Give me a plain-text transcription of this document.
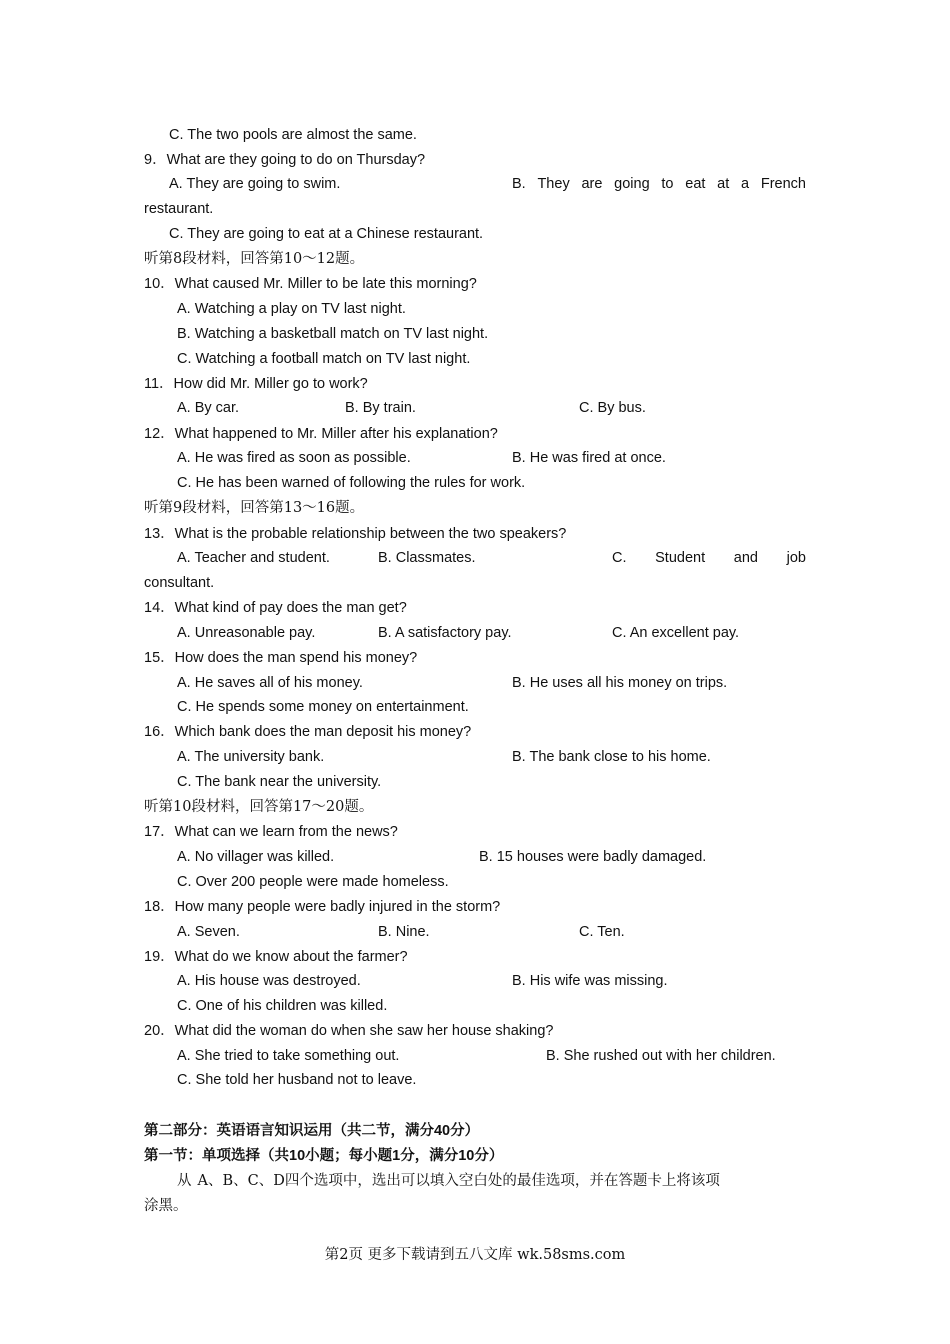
C. The two pools are almost the same.
9．What are they going to do on Thursday?
A. They are going to swim.	B. They are going to eat at a French
restaurant.
C. They are going to eat at a Chinese restaurant.
听第8段材料，回答第10～12题。
10．What caused Mr. Miller to be late this morning?
A. Watching a play on TV last night.
B. Watching a basketball match on TV last night.
C. Watching a football match on TV last night.
11．How did Mr. Miller go to work?
A. By car.	B. By train.	C. By bus.
12．What happened to Mr. Miller after his explanation?
A. He was fired as soon as possible.	B. He was fired at once.
C. He has been warned of following the rules for work.
听第9段材料，回答第13～16题。
13．What is the probable relationship between the two speakers?
A. Teacher and student.	B. Classmates.	C. Student and job
consultant.
14．What kind of pay does the man get?
A. Unreasonable pay.	B. A satisfactory pay.	C. An excellent pay.
15．How does the man spend his money?
A. He saves all of his money.	B. He uses all his money on trips.
C. He spends some money on entertainment.
16．Which bank does the man deposit his money?
A. The university bank.	B. The bank close to his home.
C. The bank near the university.
听第10段材料，回答第17～20题。
17．What can we learn from the news?
A. No villager was killed.	B. 15 houses were badly damaged.
C. Over 200 people were made homeless.
18．How many people were badly injured in the storm?
A. Seven.	B. Nine.	C. Ten.
19．What do we know about the farmer?
A. His house was destroyed.	B. His wife was missing.
C. One of his children was killed.
20．What did the woman do when she saw her house shaking?
A. She tried to take something out.	B. She rushed out with her children.
C. She told her husband not to leave.
第二部分：英语语言知识运用（共二节，满分40分）
第一节：单项选择（共10小题；每小题1分，满分10分）
从 A、B、C、D四个选项中，选出可以填入空白处的最佳选项，并在答题卡上将该项
涂黑。
第2页 更多下载请到五八文库 wk.58sms.com
